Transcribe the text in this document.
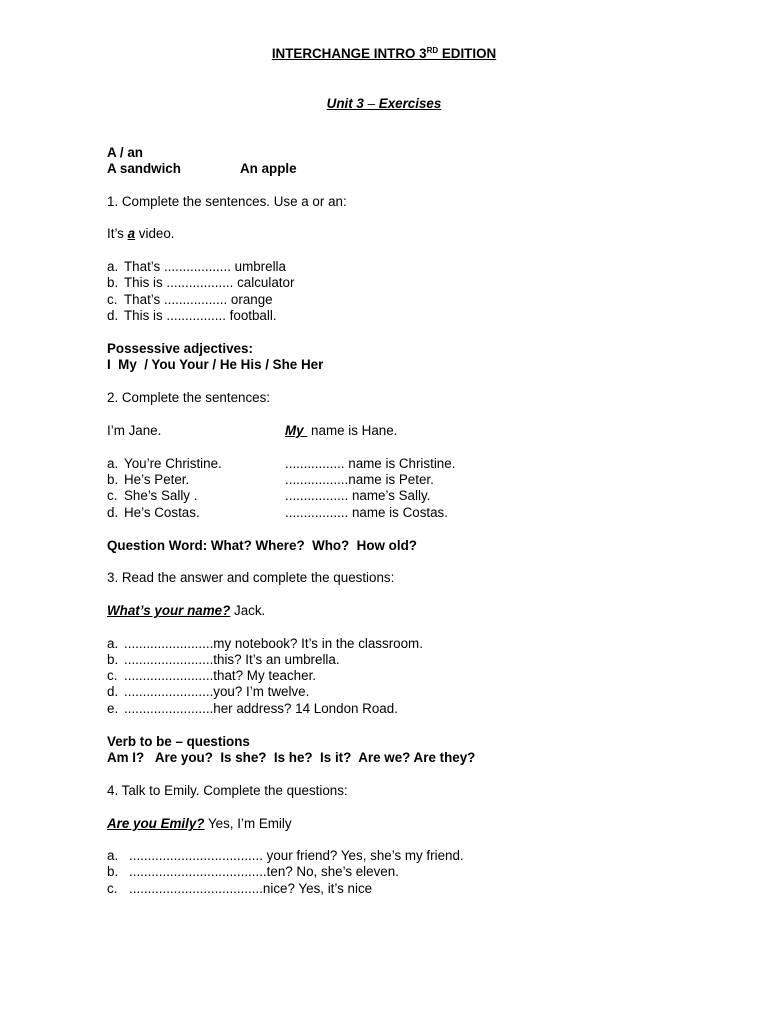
INTERCHANGE INTRO 3RD EDITION
Unit 3 – Exercises
A / an
A sandwich	An apple
1. Complete the sentences. Use a or an:
It’s a video.
a. That’s .................. umbrella
b. This is .................. calculator
c. That’s ................. orange
d. This is ................ football.
Possessive adjectives:
I  My  / You Your / He His / She Her
2. Complete the sentences:
I’m Jane.	My  name is Hane.
a. You’re Christine.	................ name is Christine.
b. He’s Peter.	.................name is Peter.
c. She’s Sally .	................. name’s Sally.
d. He’s Costas.	................. name is Costas.
Question Word: What? Where?  Who?  How old?
3. Read the answer and complete the questions:
What’s your name? Jack.
a. ........................my notebook? It’s in the classroom.
b. ........................this? It’s an umbrella.
c. ........................that? My teacher.
d. ........................you? I’m twelve.
e. ........................her address? 14 London Road.
Verb to be – questions
Am I?   Are you?  Is she?  Is he?  Is it?  Are we? Are they?
4. Talk to Emily. Complete the questions:
Are you Emily? Yes, I’m Emily
a. .................................... your friend? Yes, she’s my friend.
b. .....................................ten? No, she’s eleven.
c. ....................................nice? Yes, it’s nice
